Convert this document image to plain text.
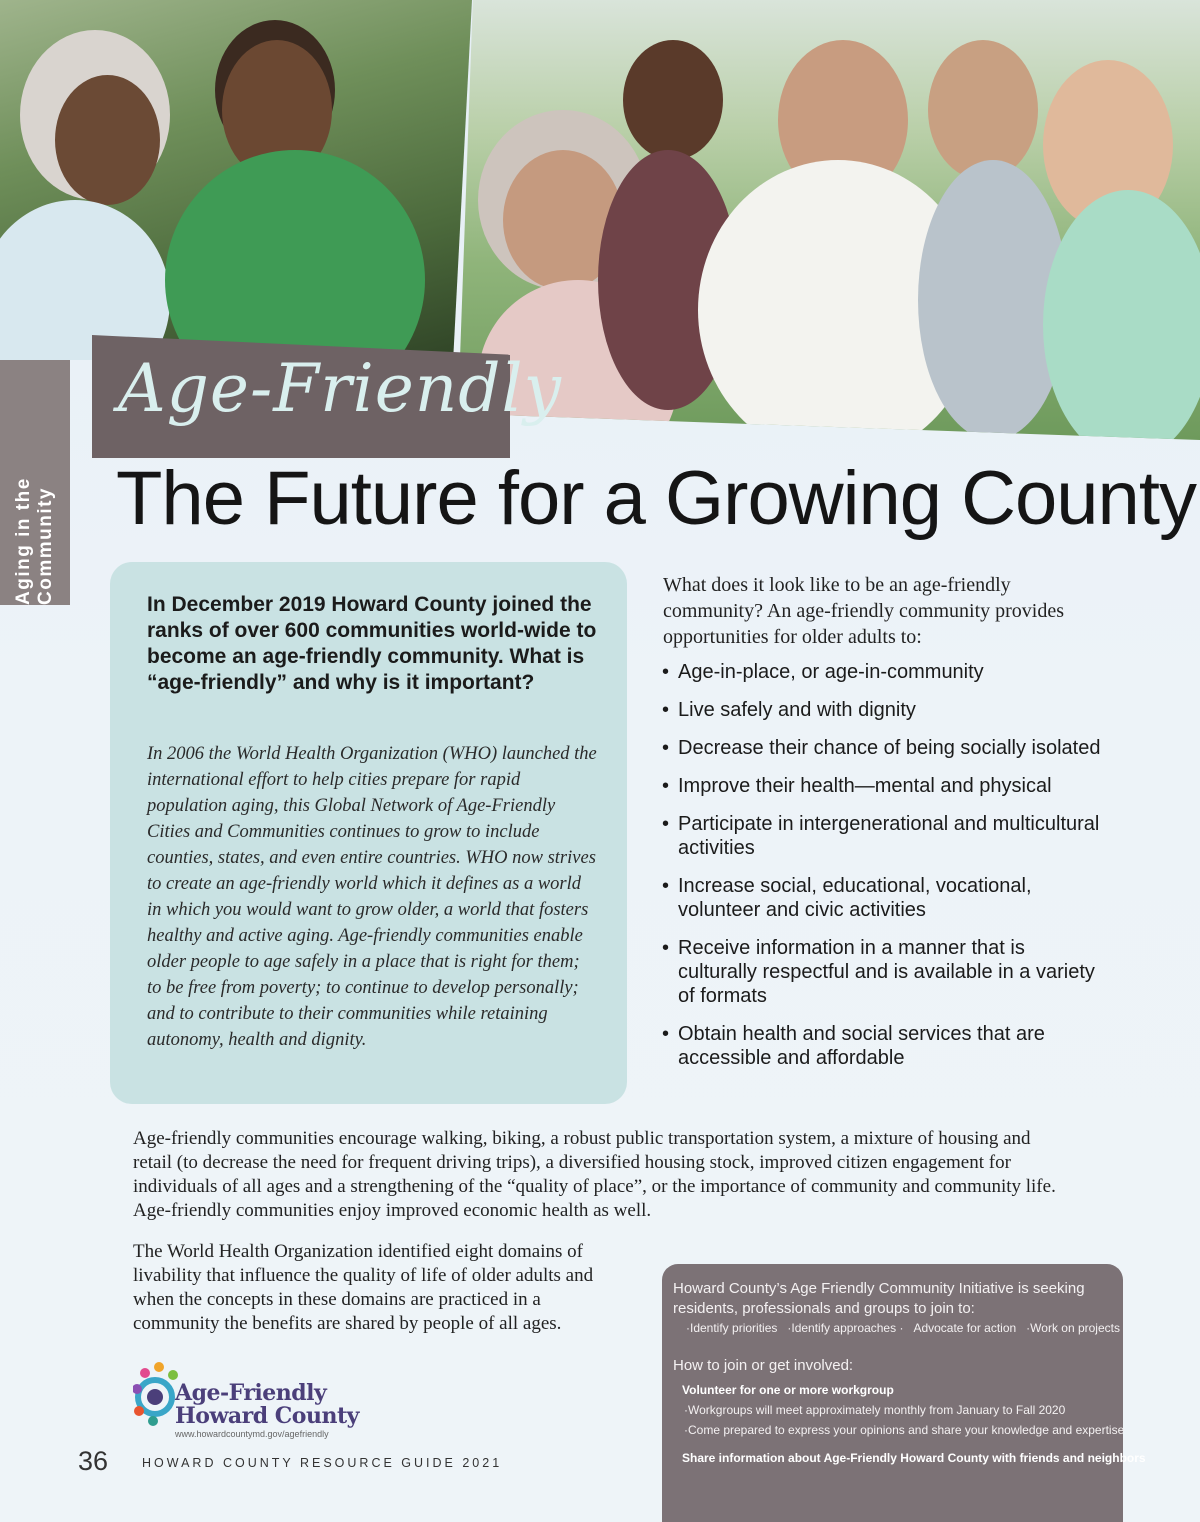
Aging in the Community
Age-Friendly
The Future for a Growing County
In December 2019 Howard County joined the ranks of over 600 communities world-wide to become an age-friendly community. What is “age-friendly” and why is it important?
In 2006 the World Health Organization (WHO) launched the international effort to help cities prepare for rapid population aging, this Global Network of Age-Friendly Cities and Communities continues to grow to include counties, states, and even entire countries. WHO now strives to create an age-friendly world which it defines as a world in which you would want to grow older, a world that fosters healthy and active aging. Age-friendly communities enable older people to age safely in a place that is right for them; to be free from poverty; to continue to develop personally; and to contribute to their communities while retaining autonomy, health and dignity.
What does it look like to be an age-friendly community? An age-friendly community provides opportunities for older adults to:
• Age-in-place, or age-in-community
• Live safely and with dignity
• Decrease their chance of being socially isolated
• Improve their health—mental and physical
• Participate in intergenerational and multicultural activities
• Increase social, educational, vocational, volunteer and civic activities
• Receive information in a manner that is culturally respectful and is available in a variety of formats
• Obtain health and social services that are accessible and affordable
Age-friendly communities encourage walking, biking, a robust public transportation system, a mixture of housing and retail (to decrease the need for frequent driving trips), a diversified housing stock, improved citizen engagement for individuals of all ages and a strengthening of the “quality of place”, or the importance of community and community life. Age-friendly communities enjoy improved economic health as well.
The World Health Organization identified eight domains of livability that influence the quality of life of older adults and when the concepts in these domains are practiced in a community the benefits are shared by people of all ages.
Age-Friendly
Howard County
www.howardcountymd.gov/agefriendly
36	HOWARD COUNTY RESOURCE GUIDE 2021
Howard County’s Age Friendly Community Initiative is seeking residents, professionals and groups to join to:
·Identify priorities ·Identify approaches · Advocate for action ·Work on projects
How to join or get involved:
Volunteer for one or more workgroup
·Workgroups will meet approximately monthly from January to Fall 2020
·Come prepared to express your opinions and share your knowledge and expertise
Share information about Age-Friendly Howard County with friends and neighbors
